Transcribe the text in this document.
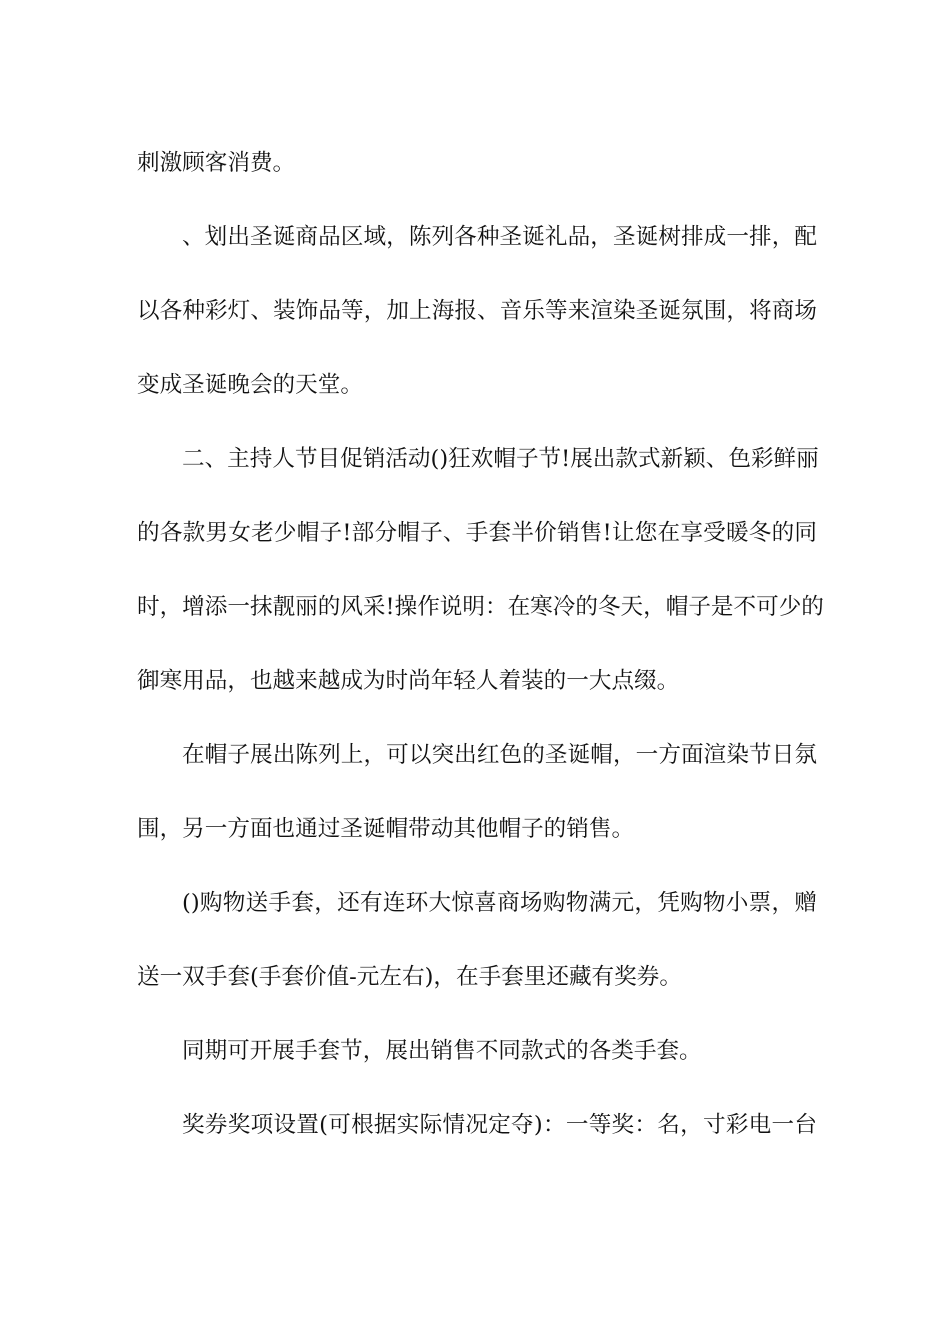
刺激顾客消费。
、划出圣诞商品区域，陈列各种圣诞礼品，圣诞树排成一排，配
以各种彩灯、装饰品等，加上海报、音乐等来渲染圣诞氛围，将商场
变成圣诞晚会的天堂。
二、主持人节目促销活动()狂欢帽子节!展出款式新颖、色彩鲜丽
的各款男女老少帽子!部分帽子、手套半价销售!让您在享受暖冬的同
时，增添一抹靓丽的风采!操作说明：在寒冷的冬天，帽子是不可少的
御寒用品，也越来越成为时尚年轻人着装的一大点缀。
在帽子展出陈列上，可以突出红色的圣诞帽，一方面渲染节日氛
围，另一方面也通过圣诞帽带动其他帽子的销售。
()购物送手套，还有连环大惊喜商场购物满元，凭购物小票，赠
送一双手套(手套价值-元左右)，在手套里还藏有奖券。
同期可开展手套节，展出销售不同款式的各类手套。
奖券奖项设置(可根据实际情况定夺)：一等奖：名，寸彩电一台
